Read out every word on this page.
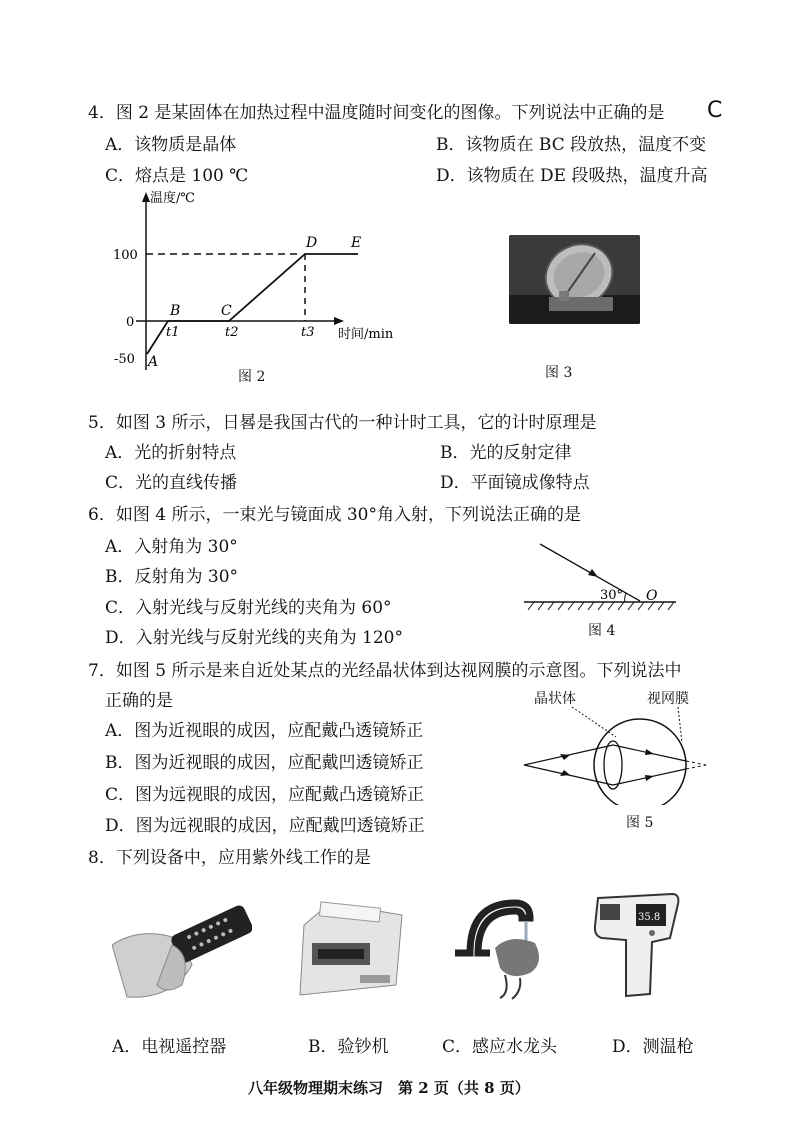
4．图 2 是某固体在加热过程中温度随时间变化的图像。下列说法中正确的是 C
A．该物质是晶体	B．该物质在 BC 段放热，温度不变
C．熔点是 100 ℃	D．该物质在 DE 段吸热，温度升高
温度/℃
时间/min
100
0
-50
t1	t2	t3
A
B	C
D E
图 2	图 3
5．如图 3 所示，日晷是我国古代的一种计时工具，它的计时原理是
A．光的折射特点	B．光的反射定律
C．光的直线传播	D．平面镜成像特点
6．如图 4 所示，一束光与镜面成 30°角入射，下列说法正确的是
A．入射角为 30°
B．反射角为 30°
C．入射光线与反射光线的夹角为 60°
D．入射光线与反射光线的夹角为 120°
30° O
图 4
7．如图 5 所示是来自近处某点的光经晶状体到达视网膜的示意图。下列说法中
正确的是
A．图为近视眼的成因，应配戴凸透镜矫正
B．图为近视眼的成因，应配戴凹透镜矫正
C．图为远视眼的成因，应配戴凸透镜矫正
D．图为远视眼的成因，应配戴凹透镜矫正
晶状体	视网膜
图 5
8．下列设备中，应用紫外线工作的是
35.8
A．电视遥控器	B．验钞机	C．感应水龙头	D．测温枪
八年级物理期末练习　第 2 页（共 8 页）
